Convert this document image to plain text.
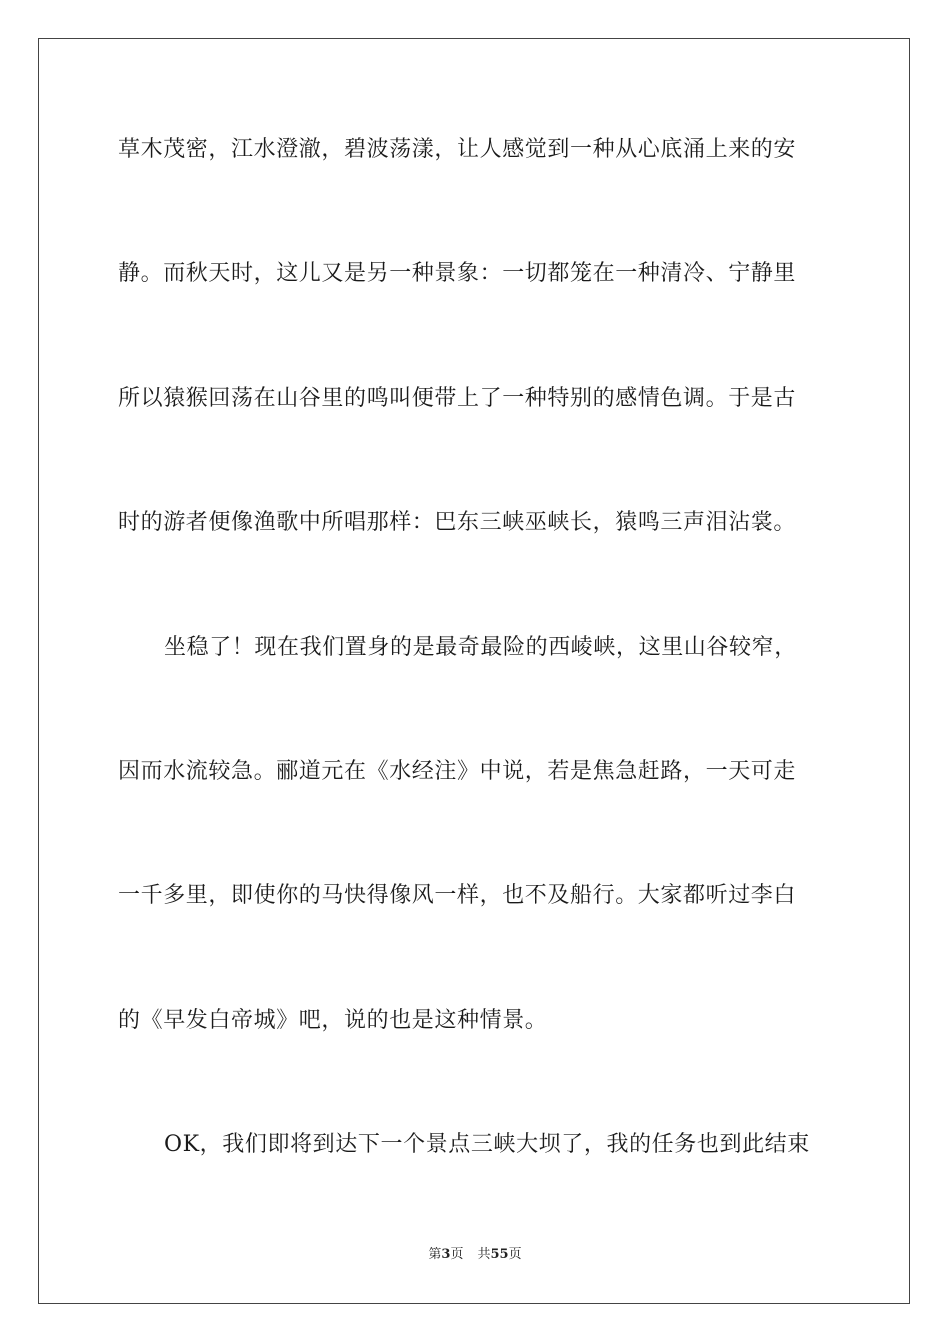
草木茂密，江水澄澈，碧波荡漾，让人感觉到一种从心底涌上来的安
静。而秋天时，这儿又是另一种景象：一切都笼在一种清冷、宁静里
所以猿猴回荡在山谷里的鸣叫便带上了一种特别的感情色调。于是古
时的游者便像渔歌中所唱那样：巴东三峡巫峡长，猿鸣三声泪沾裳。
坐稳了！现在我们置身的是最奇最险的西崚峡，这里山谷较窄，
因而水流较急。郦道元在《水经注》中说，若是焦急赶路，一天可走
一千多里，即使你的马快得像风一样，也不及船行。大家都听过李白
的《早发白帝城》吧，说的也是这种情景。
OK，我们即将到达下一个景点三峡大坝了，我的任务也到此结束
第3页 共55页
